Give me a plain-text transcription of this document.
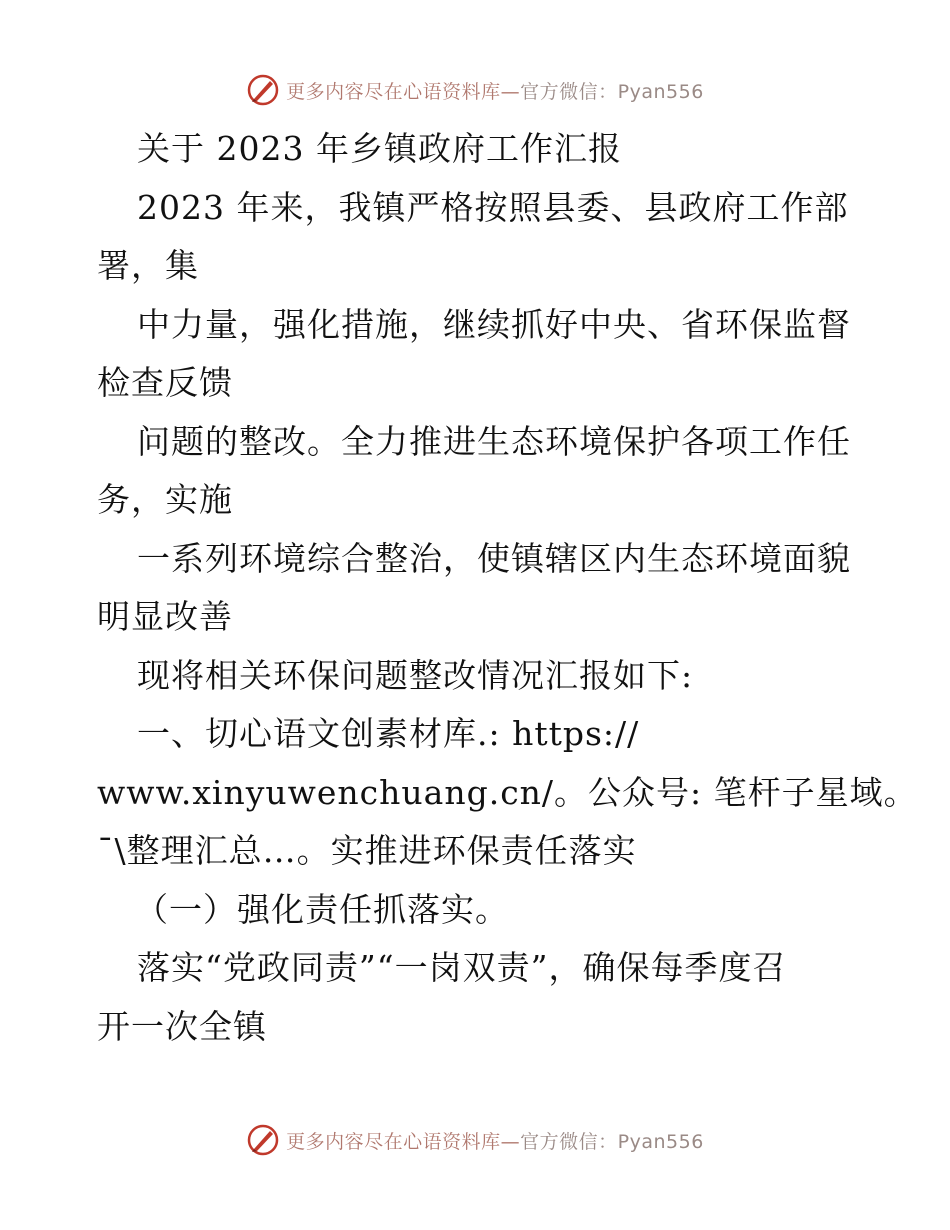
更多内容尽在心语资料库—官方微信：Pyan556
关于 2023 年乡镇政府工作汇报
2023 年来，我镇严格按照县委、县政府工作部
署，集
中力量，强化措施，继续抓好中央、省环保监督
检查反馈
问题的整改。全力推进生态环境保护各项工作任
务，实施
一系列环境综合整治，使镇辖区内生态环境面貌
明显改善
现将相关环保问题整改情况汇报如下:
一、切心语文创素材库.: https://
www.xinyuwenchuang.cn/。公众号: 笔杆子星域。
¯\整理汇总…。实推进环保责任落实
（一）强化责任抓落实。
落实“党政同责”“一岗双责”，确保每季度召
开一次全镇
更多内容尽在心语资料库—官方微信：Pyan556
